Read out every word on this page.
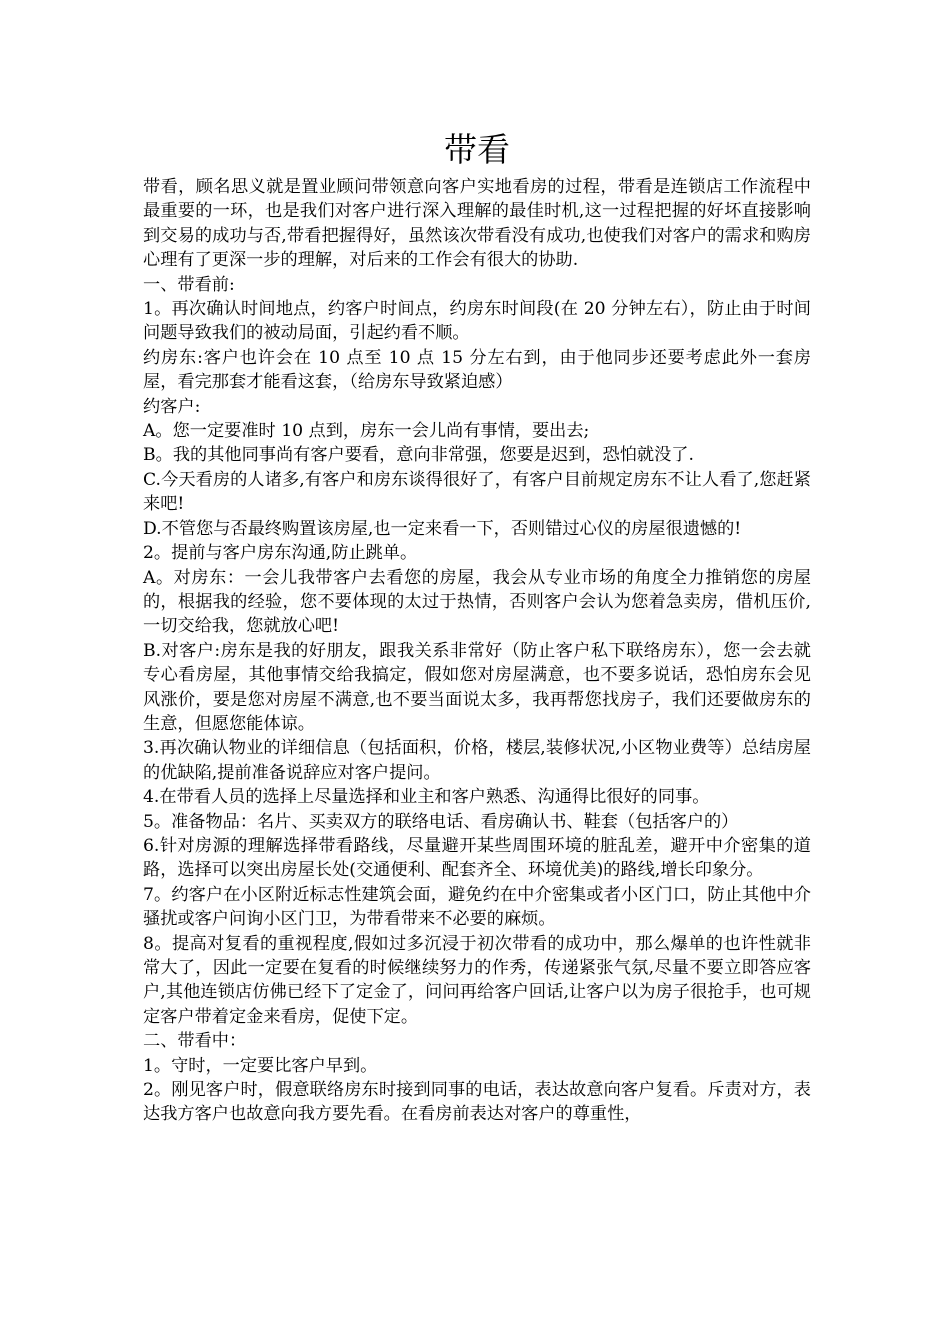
带看

带看，顾名思义就是置业顾问带领意向客户实地看房的过程，带看是连锁店工作流程中最重要的一环，也是我们对客户进行深入理解的最佳时机,这一过程把握的好坏直接影响到交易的成功与否,带看把握得好，虽然该次带看没有成功,也使我们对客户的需求和购房心理有了更深一步的理解，对后来的工作会有很大的协助.

一、带看前:

1。再次确认时间地点，约客户时间点，约房东时间段(在 20 分钟左右），防止由于时间问题导致我们的被动局面，引起约看不顺。

约房东:客户也许会在 10 点至 10 点 15 分左右到，由于他同步还要考虑此外一套房屋，看完那套才能看这套，（给房东导致紧迫感）

约客户:

A。您一定要准时 10 点到，房东一会儿尚有事情，要出去;

B。我的其他同事尚有客户要看，意向非常强，您要是迟到，恐怕就没了.

C.今天看房的人诸多,有客户和房东谈得很好了，有客户目前规定房东不让人看了,您赶紧来吧!

D.不管您与否最终购置该房屋,也一定来看一下，否则错过心仪的房屋很遗憾的!

2。提前与客户房东沟通,防止跳单。

A。对房东：一会儿我带客户去看您的房屋，我会从专业市场的角度全力推销您的房屋的，根据我的经验，您不要体现的太过于热情，否则客户会认为您着急卖房，借机压价,一切交给我，您就放心吧!

B.对客户:房东是我的好朋友，跟我关系非常好（防止客户私下联络房东），您一会去就专心看房屋，其他事情交给我搞定，假如您对房屋满意，也不要多说话，恐怕房东会见风涨价，要是您对房屋不满意,也不要当面说太多，我再帮您找房子，我们还要做房东的生意，但愿您能体谅。

3.再次确认物业的详细信息（包括面积，价格，楼层,装修状况,小区物业费等）总结房屋的优缺陷,提前准备说辞应对客户提问。

4.在带看人员的选择上尽量选择和业主和客户熟悉、沟通得比很好的同事。

5。准备物品：名片、买卖双方的联络电话、看房确认书、鞋套（包括客户的）

6.针对房源的理解选择带看路线，尽量避开某些周围环境的脏乱差，避开中介密集的道路，选择可以突出房屋长处(交通便利、配套齐全、环境优美)的路线,增长印象分。

7。约客户在小区附近标志性建筑会面，避免约在中介密集或者小区门口，防止其他中介骚扰或客户问询小区门卫，为带看带来不必要的麻烦。

8。提高对复看的重视程度,假如过多沉浸于初次带看的成功中，那么爆单的也许性就非常大了，因此一定要在复看的时候继续努力的作秀，传递紧张气氛,尽量不要立即答应客户,其他连锁店仿佛已经下了定金了，问问再给客户回话,让客户以为房子很抢手，也可规定客户带着定金来看房，促使下定。

二、带看中：

1。守时，一定要比客户早到。

2。刚见客户时，假意联络房东时接到同事的电话，表达故意向客户复看。斥责对方，表达我方客户也故意向我方要先看。在看房前表达对客户的尊重性，
